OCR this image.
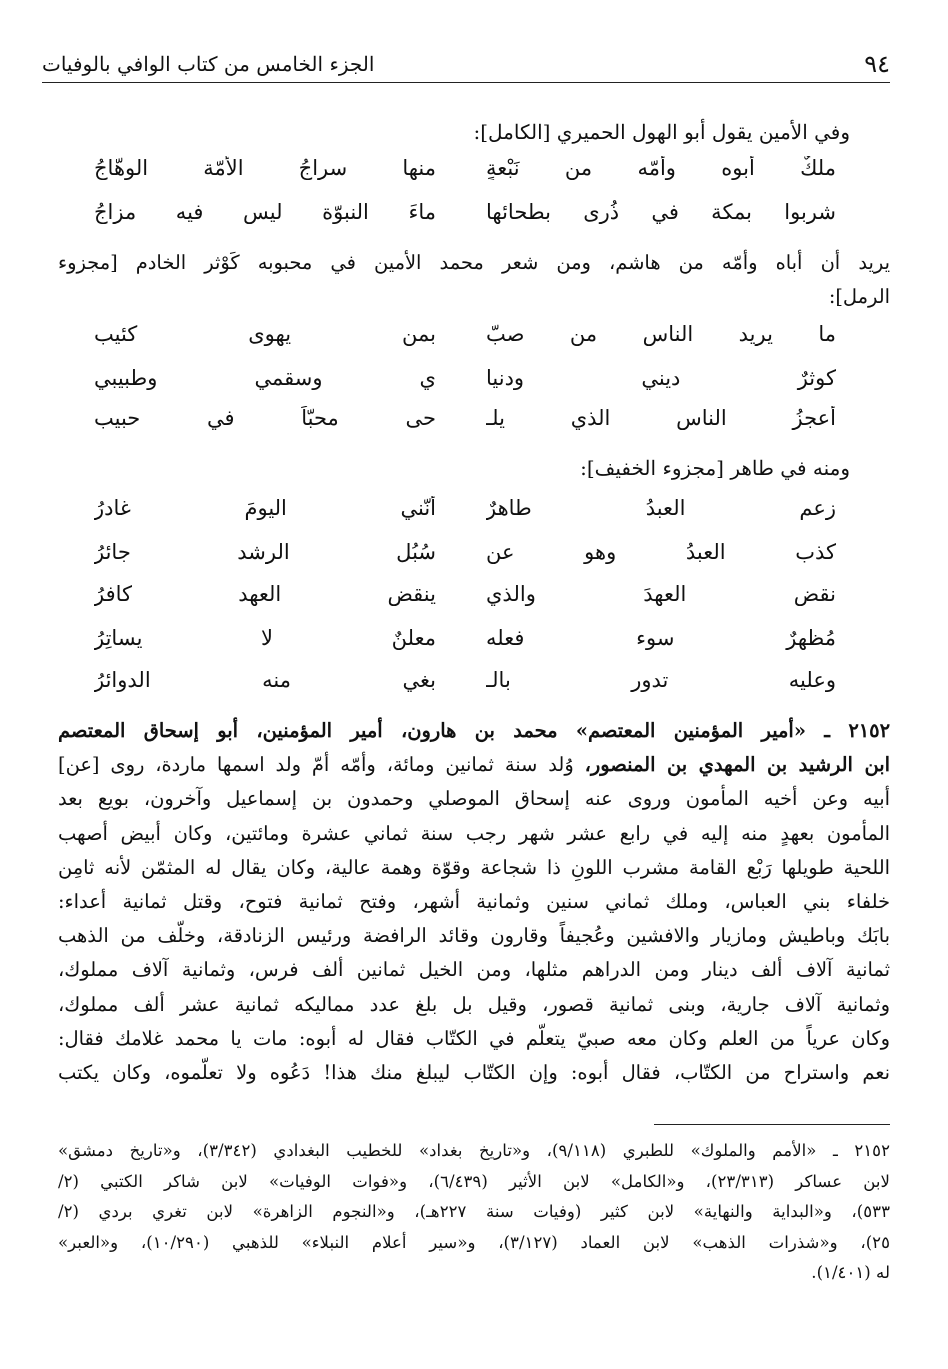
٩٤
الجزء الخامس من كتاب الوافي بالوفيات
وفي الأمين يقول أبو الهول الحميري [الكامل]:
ملكٌ أبوه وأمّه من نَبْعةٍ
منها سراجُ الأمّة الوهّاجُ
شربوا بمكة في ذُرى بطحائها
ماءَ النبوّة ليس فيه مزاجُ
يريد أن أباه وأمّه من هاشم، ومن شعر محمد الأمين في محبوبه كَوْثر الخادم [مجزوء
الرمل]:
ما يريد الناس من صبّ
بمن يهوى كئيب
كوثرٌ ديني ودنيا
ي وسقمي وطبيبي
أعجزُ الناس الذي يلـ
حى محبّاً في حبيب
ومنه في طاهر [مجزوء الخفيف]:
زعم العبدُ طاهرٌ
أنّني اليومَ غادرُ
كذب العبدُ وهو عن
سُبُل الرشد جائرُ
نقض العهدَ والذي
ينقض العهد كافرُ
مُظهرٌ سوء فعله
معلنٌ لا يساتِرُ
وعليه تدور بالـ
بغي منه الدوائرُ
٢١٥٢ ـ «أمير المؤمنين المعتصم» محمد بن هارون، أمير المؤمنين، أبو إسحاق المعتصم
ابن الرشيد بن المهدي بن المنصور، وُلد سنة ثمانين ومائة، وأمّه أمّ ولد اسمها ماردة، روى [عن]
أبيه وعن أخيه المأمون وروى عنه إسحاق الموصلي وحمدون بن إسماعيل وآخرون، بويع بعد
المأمون بعهدٍ منه إليه في رابع عشر شهر رجب سنة ثماني عشرة ومائتين، وكان أبيض أصهب
اللحية طويلها رَبْع القامة مشرب اللونِ ذا شجاعة وقوّة وهمة عالية، وكان يقال له المثمّن لأنه ثامِن
خلفاء بني العباس، وملك ثماني سنين وثمانية أشهر، وفتح ثمانية فتوح، وقتل ثمانية أعداء:
بابَك وباطيش ومازيار والافشين وعُجيفاً وقارون وقائد الرافضة ورئيس الزنادقة، وخلّف من الذهب
ثمانية آلاف ألف دينار ومن الدراهم مثلها، ومن الخيل ثمانين ألف فرس، وثمانية آلاف مملوك،
وثمانية آلاف جارية، وبنى ثمانية قصور، وقيل بل بلغ عدد مماليكه ثمانية عشر ألف مملوك،
وكان عرياً من العلم وكان معه صبيّ يتعلّم في الكتّاب فقال له أبوه: مات يا محمد غلامك فقال:
نعم واستراح من الكتّاب، فقال أبوه: وإن الكتّاب ليبلغ منك هذا! دَعُوه ولا تعلّموه، وكان يكتب
٢١٥٢ ـ «الأمم والملوك» للطبري (٩/١١٨)، و«تاريخ بغداد» للخطيب البغدادي (٣/٣٤٢)، و«تاريخ دمشق»
لابن عساكر (٢٣/٣١٣)، و«الكامل» لابن الأثير (٦/٤٣٩)، و«فوات الوفيات» لابن شاكر الكتبي (٢/
٥٣٣)، و«البداية والنهاية» لابن كثير (وفيات سنة ٢٢٧هـ)، و«النجوم الزاهرة» لابن تغري بردي (٢/
٢٥)، و«شذرات الذهب» لابن العماد (٣/١٢٧)، و«سير أعلام النبلاء» للذهبي (١٠/٢٩٠)، و«العبر»
له (١/٤٠١).
